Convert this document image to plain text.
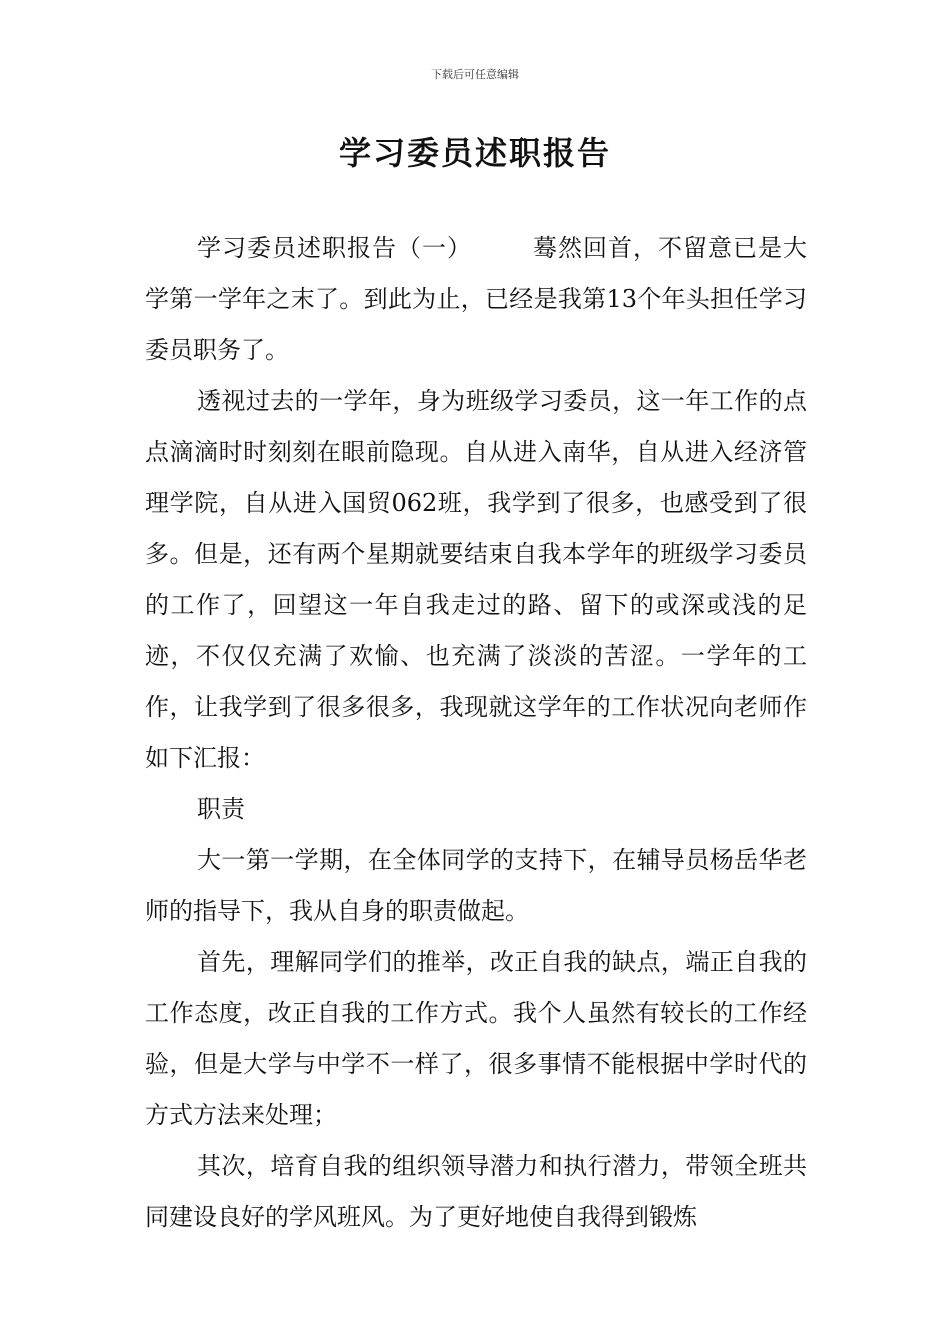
下载后可任意编辑
学习委员述职报告

学习委员述职报告（一）	蓦然回首，不留意已是大学第一学年之末了。到此为止，已经是我第13个年头担任学习委员职务了。

透视过去的一学年，身为班级学习委员，这一年工作的点点滴滴时时刻刻在眼前隐现。自从进入南华，自从进入经济管理学院，自从进入国贸062班，我学到了很多，也感受到了很多。但是，还有两个星期就要结束自我本学年的班级学习委员的工作了，回望这一年自我走过的路、留下的或深或浅的足迹，不仅仅充满了欢愉、也充满了淡淡的苦涩。一学年的工作，让我学到了很多很多，我现就这学年的工作状况向老师作如下汇报：

职责

大一第一学期，在全体同学的支持下，在辅导员杨岳华老师的指导下，我从自身的职责做起。

首先，理解同学们的推举，改正自我的缺点，端正自我的工作态度，改正自我的工作方式。我个人虽然有较长的工作经验，但是大学与中学不一样了，很多事情不能根据中学时代的方式方法来处理；

其次，培育自我的组织领导潜力和执行潜力，带领全班共同建设良好的学风班风。为了更好地使自我得到锻炼
